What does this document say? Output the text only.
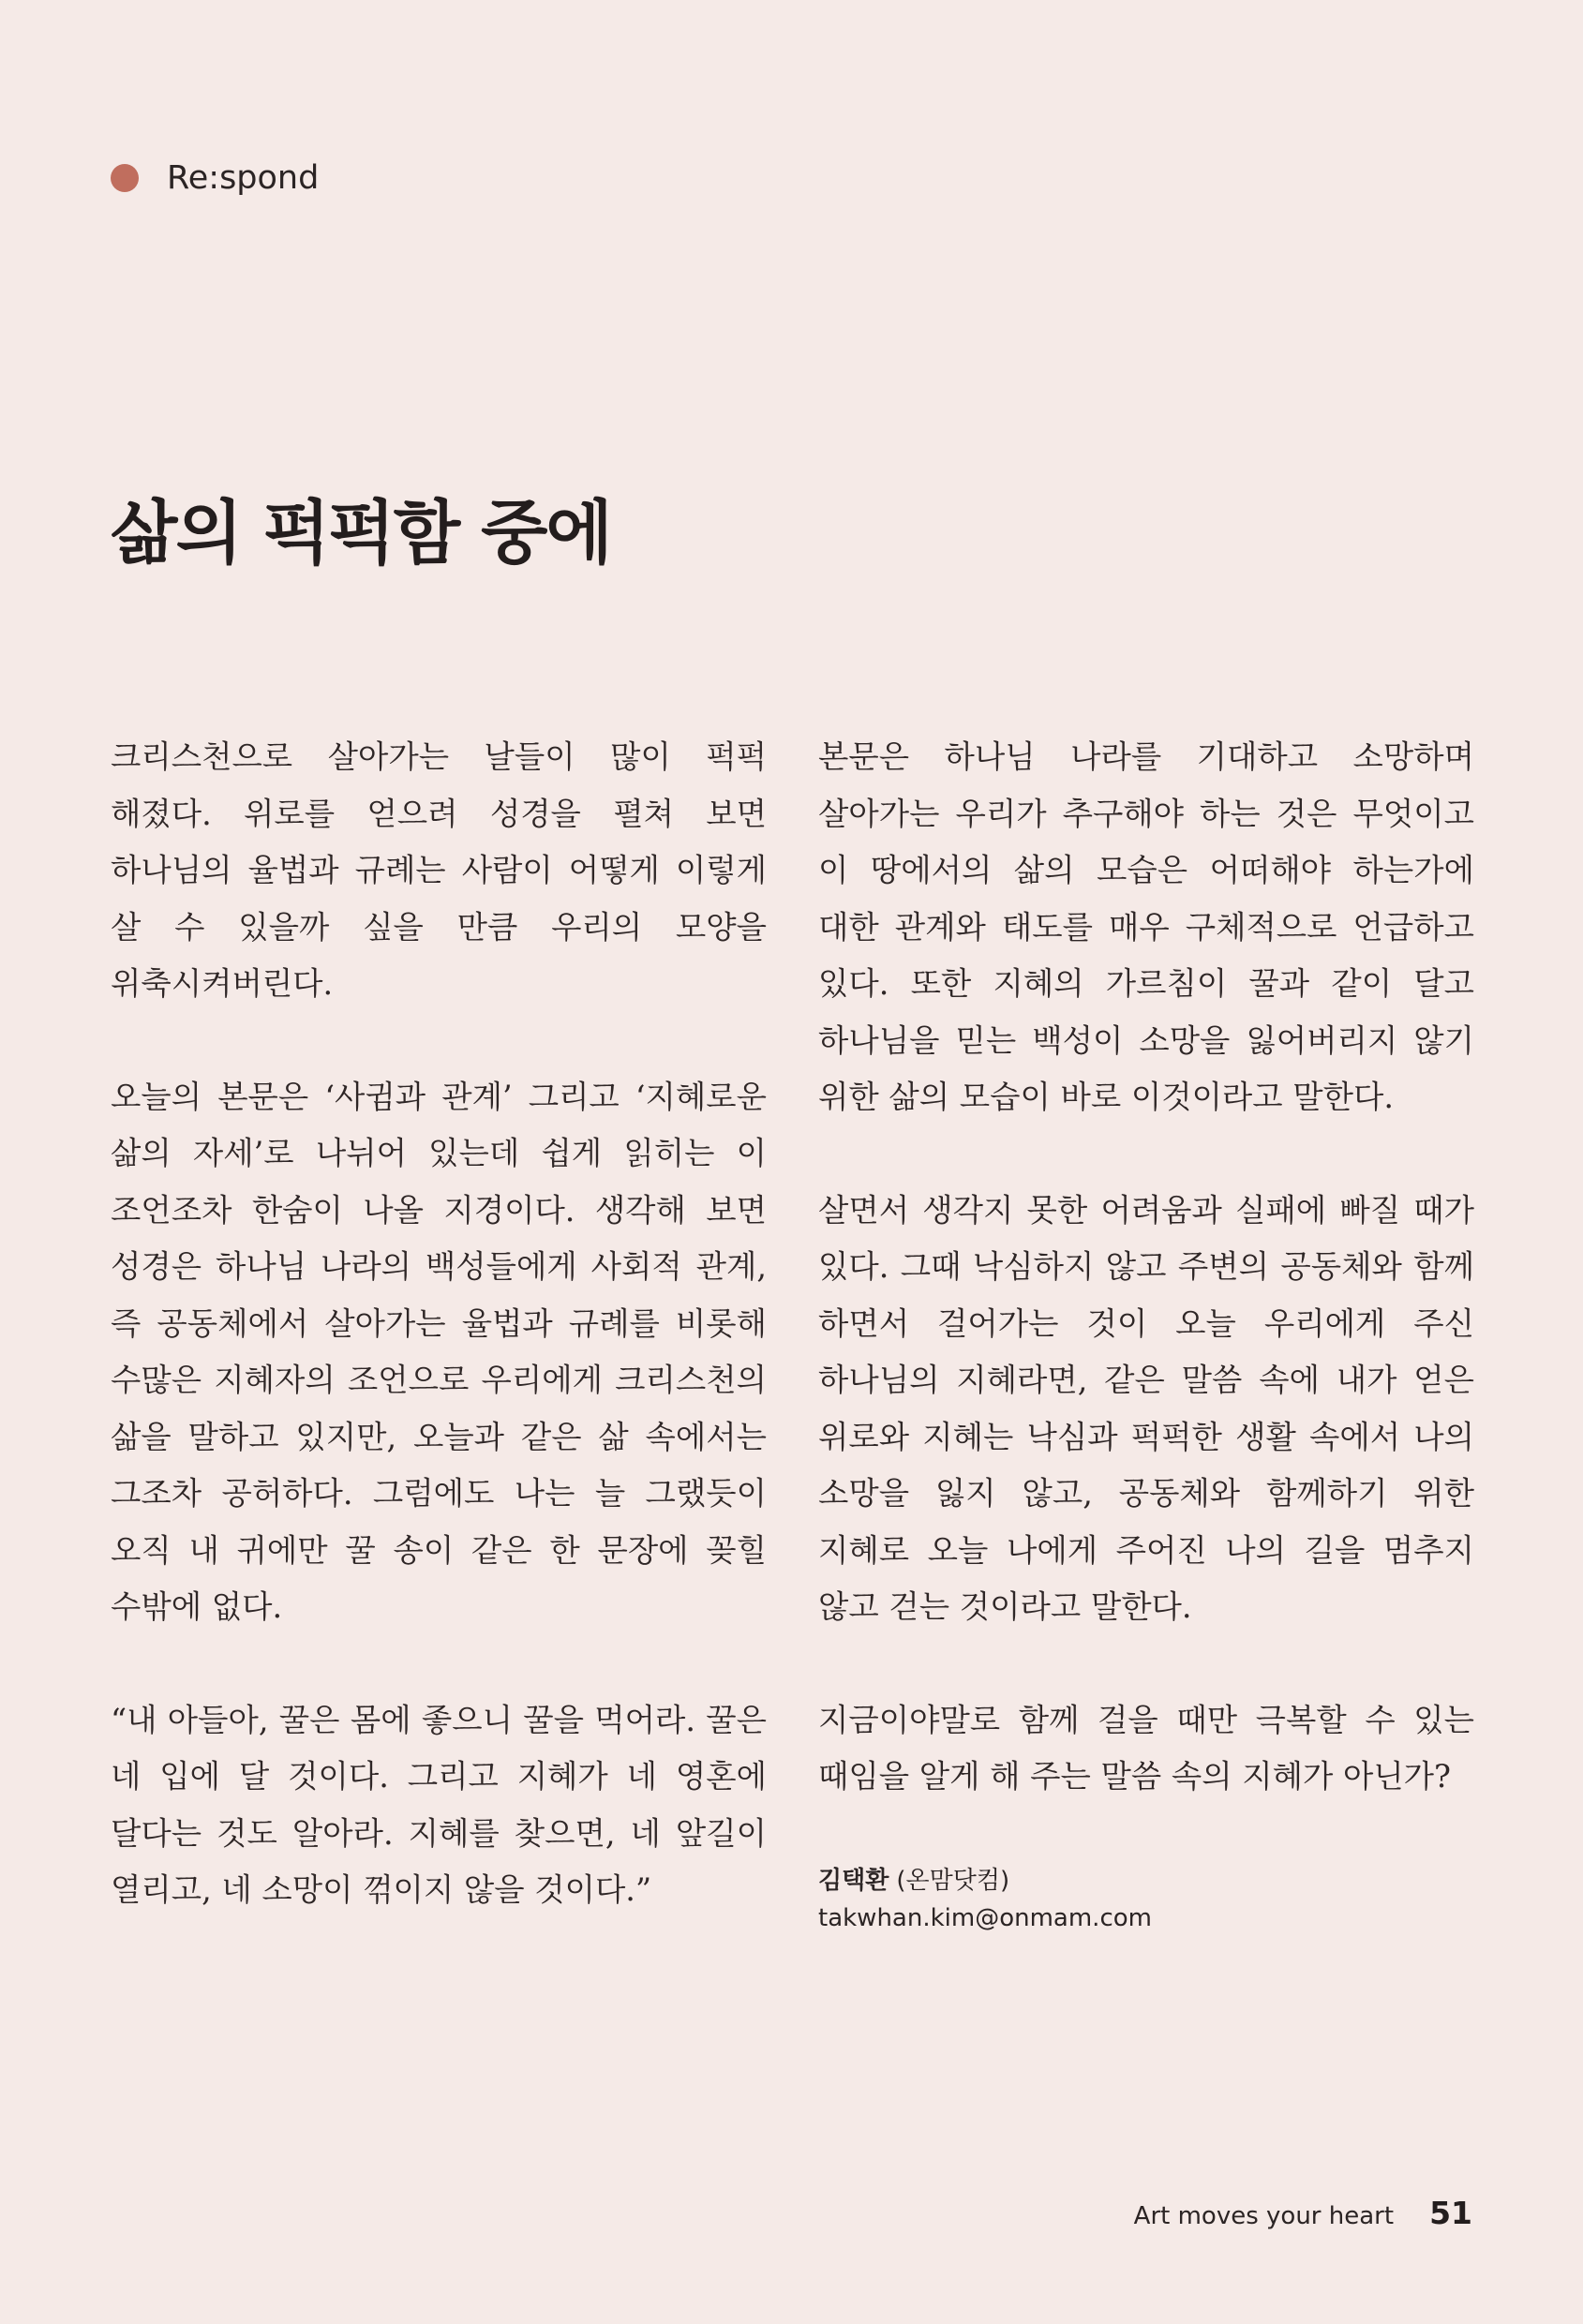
Re:spond
삶의 퍽퍽함 중에

크리스천으로 살아가는 날들이 많이 퍽퍽 해졌다. 위로를 얻으려 성경을 펼쳐 보면 하나님의 율법과 규례는 사람이 어떻게 이렇게 살 수 있을까 싶을 만큼 우리의 모양을 위축시켜버린다.

오늘의 본문은 ‘사귐과 관계’ 그리고 ‘지혜로운 삶의 자세’로 나뉘어 있는데 쉽게 읽히는 이 조언조차 한숨이 나올 지경이다. 생각해 보면 성경은 하나님 나라의 백성들에게 사회적 관계, 즉 공동체에서 살아가는 율법과 규례를 비롯해 수많은 지혜자의 조언으로 우리에게 크리스천의 삶을 말하고 있지만, 오늘과 같은 삶 속에서는 그조차 공허하다. 그럼에도 나는 늘 그랬듯이 오직 내 귀에만 꿀 송이 같은 한 문장에 꽂힐 수밖에 없다.

“내 아들아, 꿀은 몸에 좋으니 꿀을 먹어라. 꿀은 네 입에 달 것이다. 그리고 지혜가 네 영혼에 달다는 것도 알아라. 지혜를 찾으면, 네 앞길이 열리고, 네 소망이 꺾이지 않을 것이다.”

본문은 하나님 나라를 기대하고 소망하며 살아가는 우리가 추구해야 하는 것은 무엇이고 이 땅에서의 삶의 모습은 어떠해야 하는가에 대한 관계와 태도를 매우 구체적으로 언급하고 있다. 또한 지혜의 가르침이 꿀과 같이 달고 하나님을 믿는 백성이 소망을 잃어버리지 않기 위한 삶의 모습이 바로 이것이라고 말한다.

살면서 생각지 못한 어려움과 실패에 빠질 때가 있다. 그때 낙심하지 않고 주변의 공동체와 함께 하면서 걸어가는 것이 오늘 우리에게 주신 하나님의 지혜라면, 같은 말씀 속에 내가 얻은 위로와 지혜는 낙심과 퍽퍽한 생활 속에서 나의 소망을 잃지 않고, 공동체와 함께하기 위한 지혜로 오늘 나에게 주어진 나의 길을 멈추지 않고 걷는 것이라고 말한다.

지금이야말로 함께 걸을 때만 극복할 수 있는 때임을 알게 해 주는 말씀 속의 지혜가 아닌가?

김택환 (온맘닷컴)
takwhan.kim@onmam.com
Art moves your heart 51
